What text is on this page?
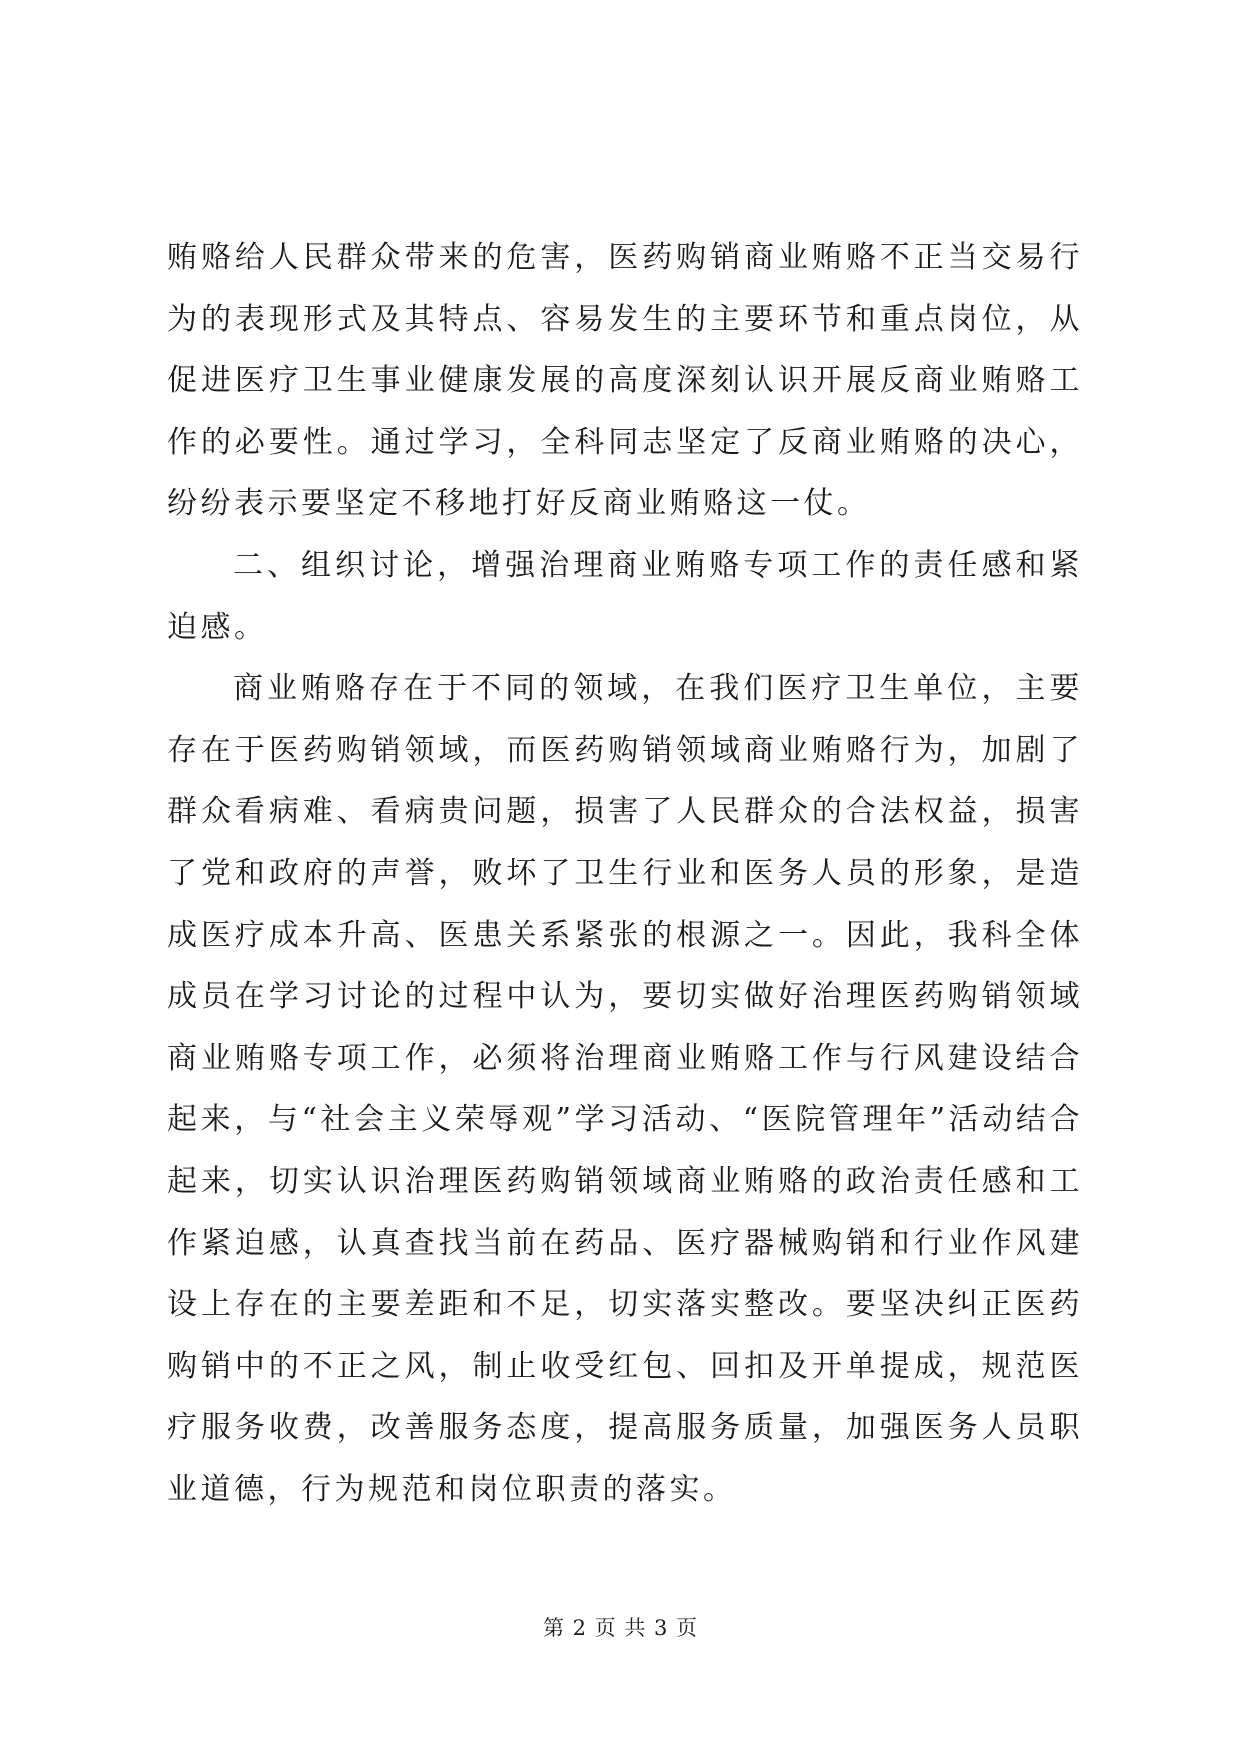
贿赂给人民群众带来的危害，医药购销商业贿赂不正当交易行为的表现形式及其特点、容易发生的主要环节和重点岗位，从促进医疗卫生事业健康发展的高度深刻认识开展反商业贿赂工作的必要性。通过学习，全科同志坚定了反商业贿赂的决心，纷纷表示要坚定不移地打好反商业贿赂这一仗。

二、组织讨论，增强治理商业贿赂专项工作的责任感和紧迫感。

商业贿赂存在于不同的领域，在我们医疗卫生单位，主要存在于医药购销领域，而医药购销领域商业贿赂行为，加剧了群众看病难、看病贵问题，损害了人民群众的合法权益，损害了党和政府的声誉，败坏了卫生行业和医务人员的形象，是造成医疗成本升高、医患关系紧张的根源之一。因此，我科全体成员在学习讨论的过程中认为，要切实做好治理医药购销领域商业贿赂专项工作，必须将治理商业贿赂工作与行风建设结合起来，与“社会主义荣辱观”学习活动、“医院管理年”活动结合起来，切实认识治理医药购销领域商业贿赂的政治责任感和工作紧迫感，认真查找当前在药品、医疗器械购销和行业作风建设上存在的主要差距和不足，切实落实整改。要坚决纠正医药购销中的不正之风，制止收受红包、回扣及开单提成，规范医疗服务收费，改善服务态度，提高服务质量，加强医务人员职业道德，行为规范和岗位职责的落实。

第 2 页 共 3 页
